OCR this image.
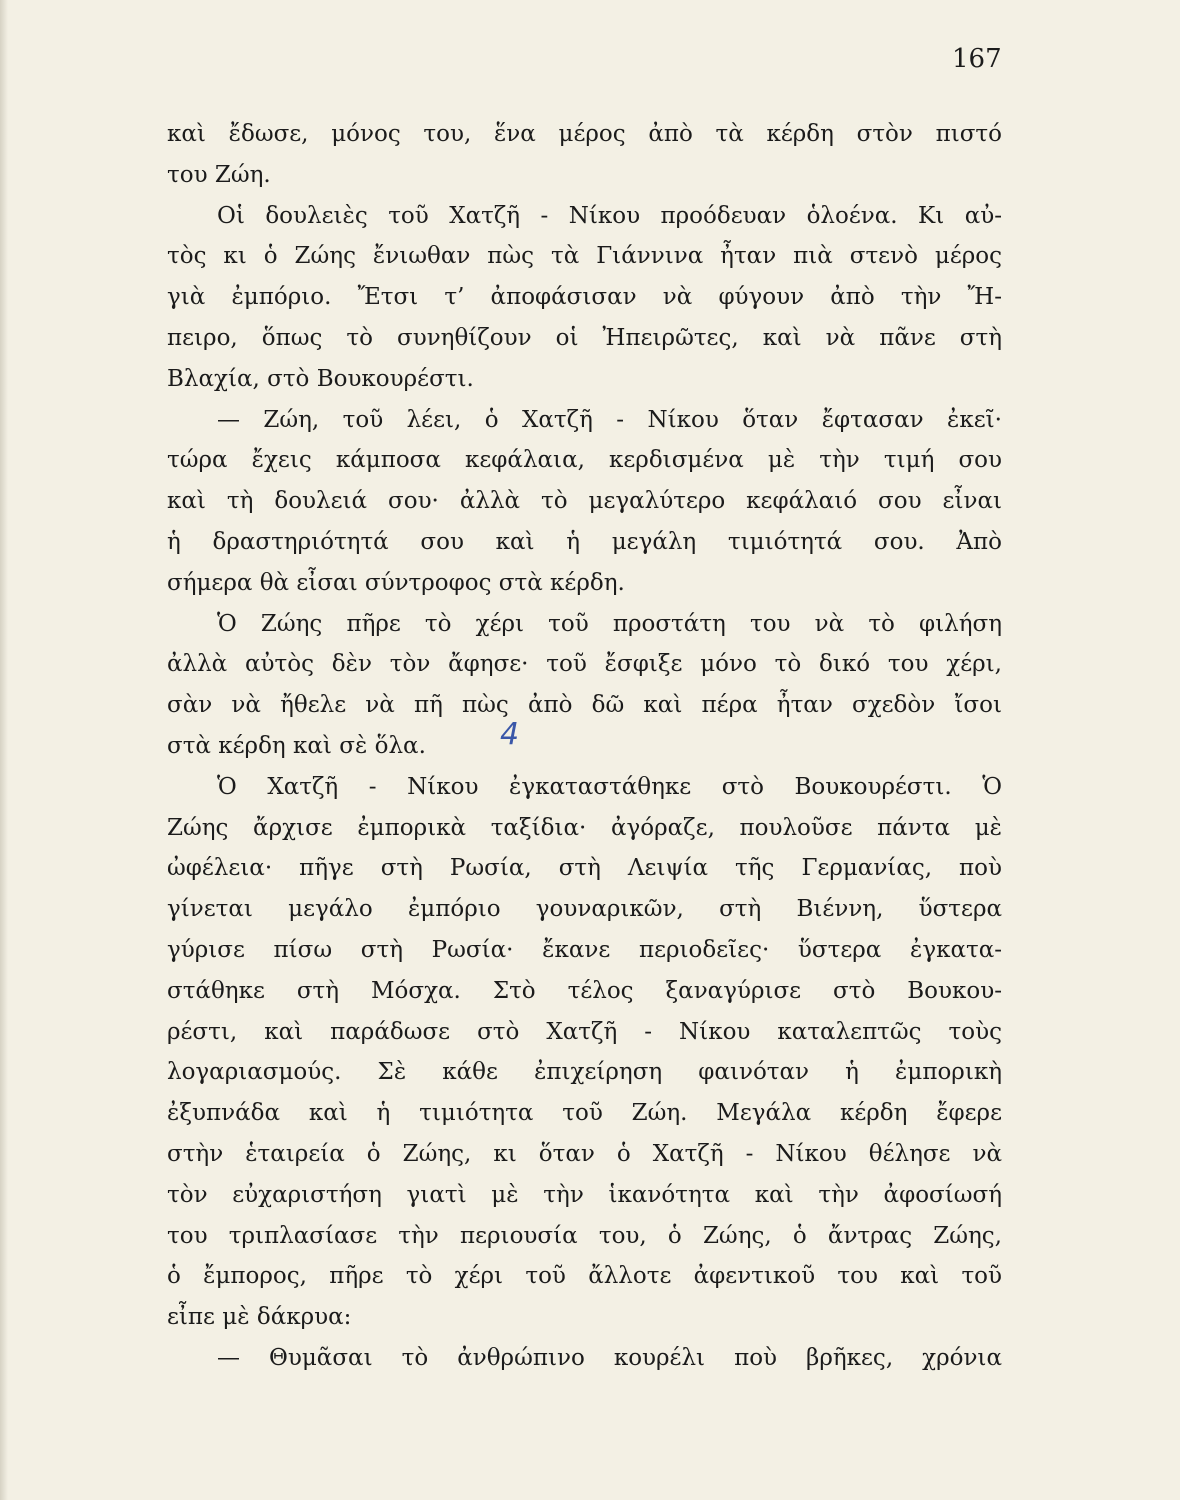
167
καὶ ἔδωσε, μόνος του, ἕνα μέρος ἀπὸ τὰ κέρδη στὸν πιστό
του Ζώη.
Οἱ δουλειὲς τοῦ Χατζῆ - Νίκου προόδευαν ὁλοένα. Κι αὐ-
τὸς κι ὁ Ζώης ἔνιωθαν πὼς τὰ Γιάννινα ἦταν πιὰ στενὸ μέρος
γιὰ ἐμπόριο. Ἔτσι τ’ ἀποφάσισαν νὰ φύγουν ἀπὸ τὴν Ἤ-
πειρο, ὅπως τὸ συνηθίζουν οἱ Ἠπειρῶτες, καὶ νὰ πᾶνε στὴ
Βλαχία, στὸ Βουκουρέστι.
— Ζώη, τοῦ λέει, ὁ Χατζῆ - Νίκου ὅταν ἔφτασαν ἐκεῖ·
τώρα ἔχεις κάμποσα κεφάλαια, κερδισμένα μὲ τὴν τιμή σου
καὶ τὴ δουλειά σου· ἀλλὰ τὸ μεγαλύτερο κεφάλαιό σου εἶναι
ἡ δραστηριότητά σου καὶ ἡ μεγάλη τιμιότητά σου. Ἀπὸ
σήμερα θὰ εἶσαι σύντροφος στὰ κέρδη.
Ὁ Ζώης πῆρε τὸ χέρι τοῦ προστάτη του νὰ τὸ φιλήση
ἀλλὰ αὐτὸς δὲν τὸν ἄφησε· τοῦ ἔσφιξε μόνο τὸ δικό του χέρι,
σὰν νὰ ἤθελε νὰ πῆ πὼς ἀπὸ δῶ καὶ πέρα ἦταν σχεδὸν ἴσοι
στὰ κέρδη καὶ σὲ ὅλα.
Ὁ Χατζῆ - Νίκου ἐγκαταστάθηκε στὸ Βουκουρέστι. Ὁ
Ζώης ἄρχισε ἐμπορικὰ ταξίδια· ἀγόραζε, πουλοῦσε πάντα μὲ
ὠφέλεια· πῆγε στὴ Ρωσία, στὴ Λειψία τῆς Γερμανίας, ποὺ
γίνεται μεγάλο ἐμπόριο γουναρικῶν, στὴ Βιέννη, ὕστερα
γύρισε πίσω στὴ Ρωσία· ἔκανε περιοδεῖες· ὕστερα ἐγκατα-
στάθηκε στὴ Μόσχα. Στὸ τέλος ξαναγύρισε στὸ Βουκου-
ρέστι, καὶ παράδωσε στὸ Χατζῆ - Νίκου καταλεπτῶς τοὺς
λογαριασμούς. Σὲ κάθε ἐπιχείρηση φαινόταν ἡ ἐμπορικὴ
ἐξυπνάδα καὶ ἡ τιμιότητα τοῦ Ζώη. Μεγάλα κέρδη ἔφερε
στὴν ἑταιρεία ὁ Ζώης, κι ὅταν ὁ Χατζῆ - Νίκου θέλησε νὰ
τὸν εὐχαριστήση γιατὶ μὲ τὴν ἱκανότητα καὶ τὴν ἀφοσίωσή
του τριπλασίασε τὴν περιουσία του, ὁ Ζώης, ὁ ἄντρας Ζώης,
ὁ ἔμπορος, πῆρε τὸ χέρι τοῦ ἄλλοτε ἀφεντικοῦ του καὶ τοῦ
εἶπε μὲ δάκρυα:
— Θυμᾶσαι τὸ ἀνθρώπινο κουρέλι ποὺ βρῆκες, χρόνια
4
